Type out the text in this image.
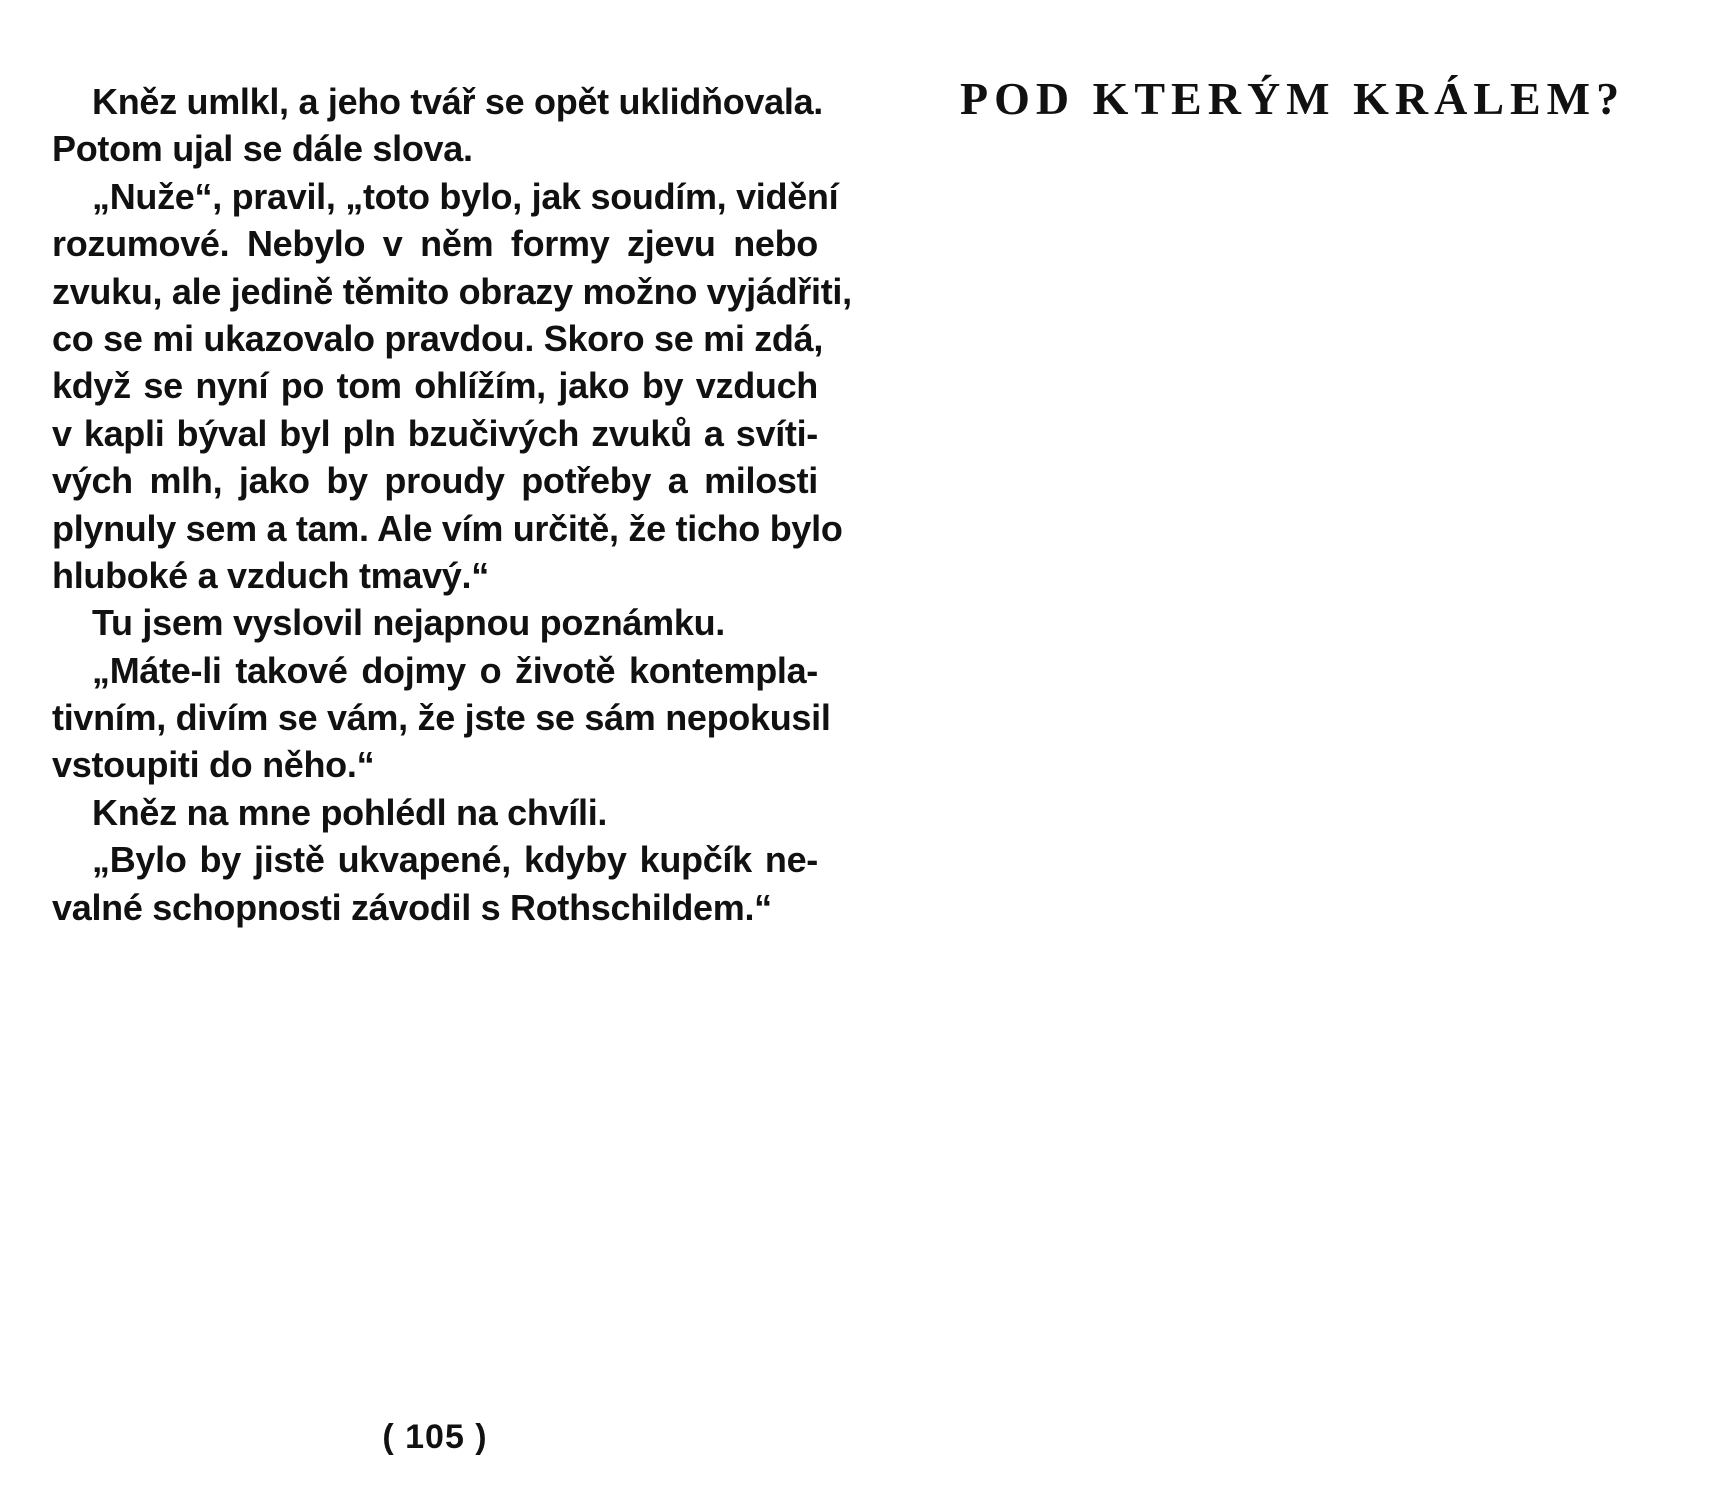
Kněz umlkl, a jeho tvář se opět uklidňovala.
Potom ujal se dále slova.
„Nuže“, pravil, „toto bylo, jak soudím, vidění
rozumové. Nebylo v něm formy zjevu nebo
zvuku, ale jedině těmito obrazy možno vyjádřiti,
co se mi ukazovalo pravdou. Skoro se mi zdá,
když se nyní po tom ohlížím, jako by vzduch
v kapli býval byl pln bzučivých zvuků a svíti-
vých mlh, jako by proudy potřeby a milosti
plynuly sem a tam. Ale vím určitě, že ticho bylo
hluboké a vzduch tmavý.“
Tu jsem vyslovil nejapnou poznámku.
„Máte-li takové dojmy o životě kontempla-
tivním, divím se vám, že jste se sám nepokusil
vstoupiti do něho.“
Kněz na mne pohlédl na chvíli.
„Bylo by jistě ukvapené, kdyby kupčík ne-
valné schopnosti závodil s Rothschildem.“
( 105 )
POD KTERÝM KRÁLEM?
